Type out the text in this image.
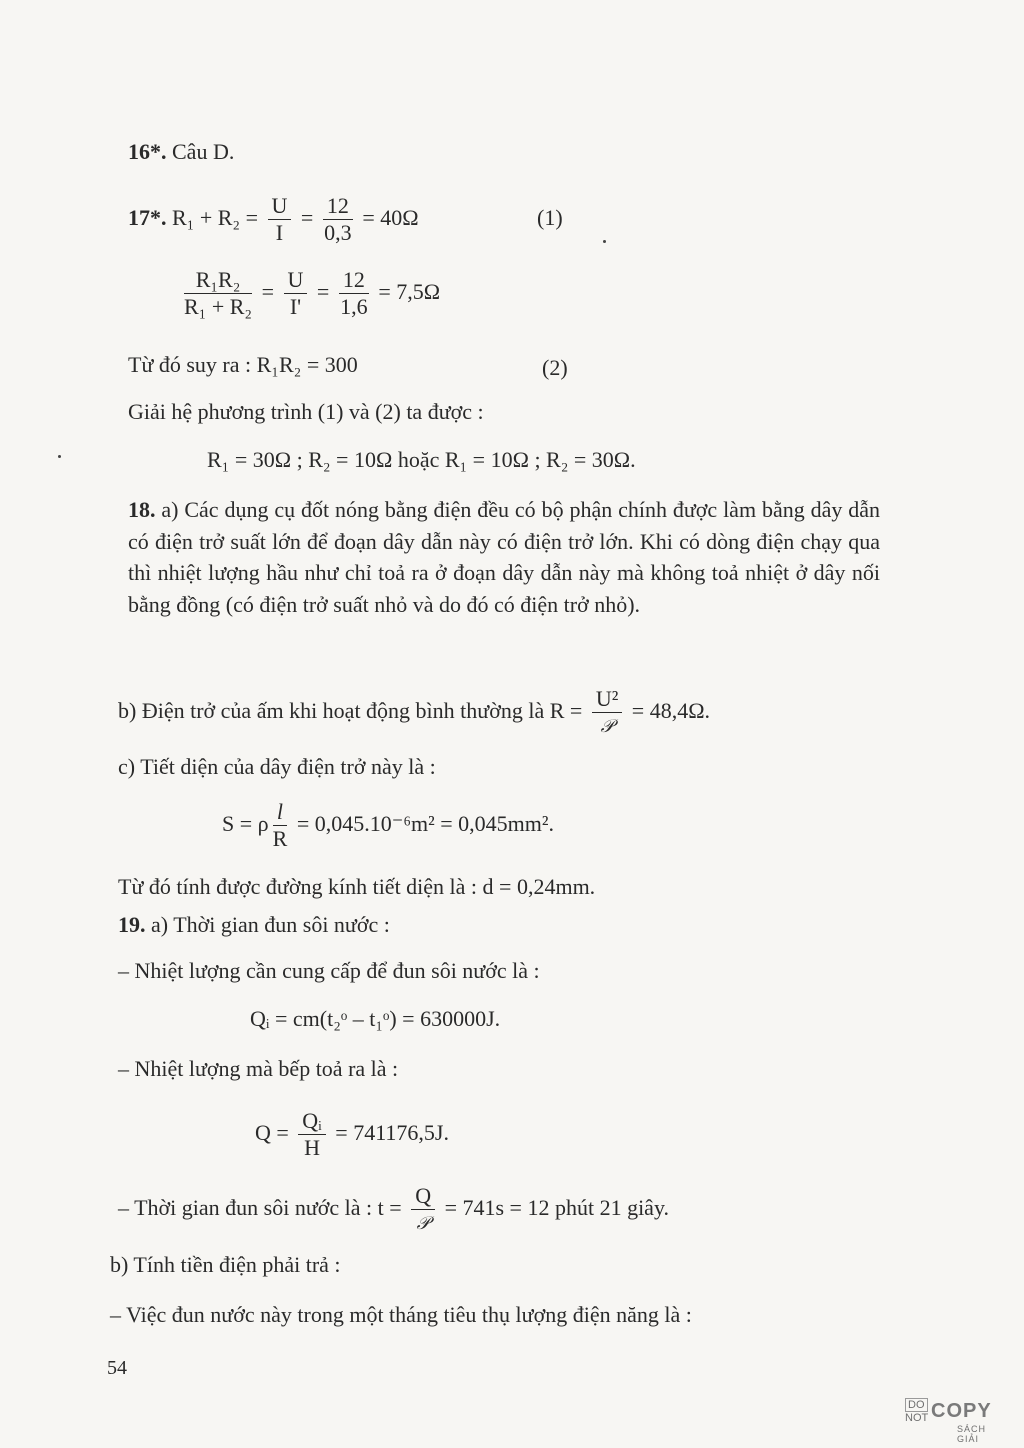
16*. Câu D.
17*. $R_1 + R_2 = \frac{U}{I} = \frac{12}{0,3} = 40\Omega$	(1)
$\frac{\text{R₁R₂}}{\text{R₁ + R₂}} = \frac{U}{I'} = \frac{12}{1,6} = 7,5\Omega$
Từ đó suy ra : R₁R₂ = 300	(2)
Giải hệ phương trình (1) và (2) ta được :
R₁ = 30Ω ; R₂ = 10Ω hoặc R₁ = 10Ω ; R₂ = 30Ω.
18. a) Các dụng cụ đốt nóng bằng điện đều có bộ phận chính được làm bằng dây dẫn có điện trở suất lớn để đoạn dây dẫn này có điện trở lớn. Khi có dòng điện chạy qua thì nhiệt lượng hầu như chỉ toả ra ở đoạn dây dẫn này mà không toả nhiệt ở dây nối bằng đồng (có điện trở suất nhỏ và do đó có điện trở nhỏ).
b) Điện trở của ấm khi hoạt động bình thường là $R = \frac{\text{U²}}{\text{𝒫}} = 48,4\Omega$.
c) Tiết diện của dây điện trở này là :
S = ρ $\frac{l}{R} = 0,045.10^{-6}m^2 = 0,045mm^2$.
Từ đó tính được đường kính tiết diện là : d = 0,24mm.
19. a) Thời gian đun sôi nước :
– Nhiệt lượng cần cung cấp để đun sôi nước là :
Qᵢ = cm(t₂ᵒ – t₁ᵒ) = 630000J.
– Nhiệt lượng mà bếp toả ra là :
$Q = \frac{\text{Qᵢ}}{H} = 741176,5J$.
– Thời gian đun sôi nước là : $t = \frac{Q}{\text{𝒫}} = 741s = 12$ phút 21 giây.
b) Tính tiền điện phải trả :
– Việc đun nước này trong một tháng tiêu thụ lượng điện năng là :
54
DO
NOT COPY
SÁCH GIẢI
